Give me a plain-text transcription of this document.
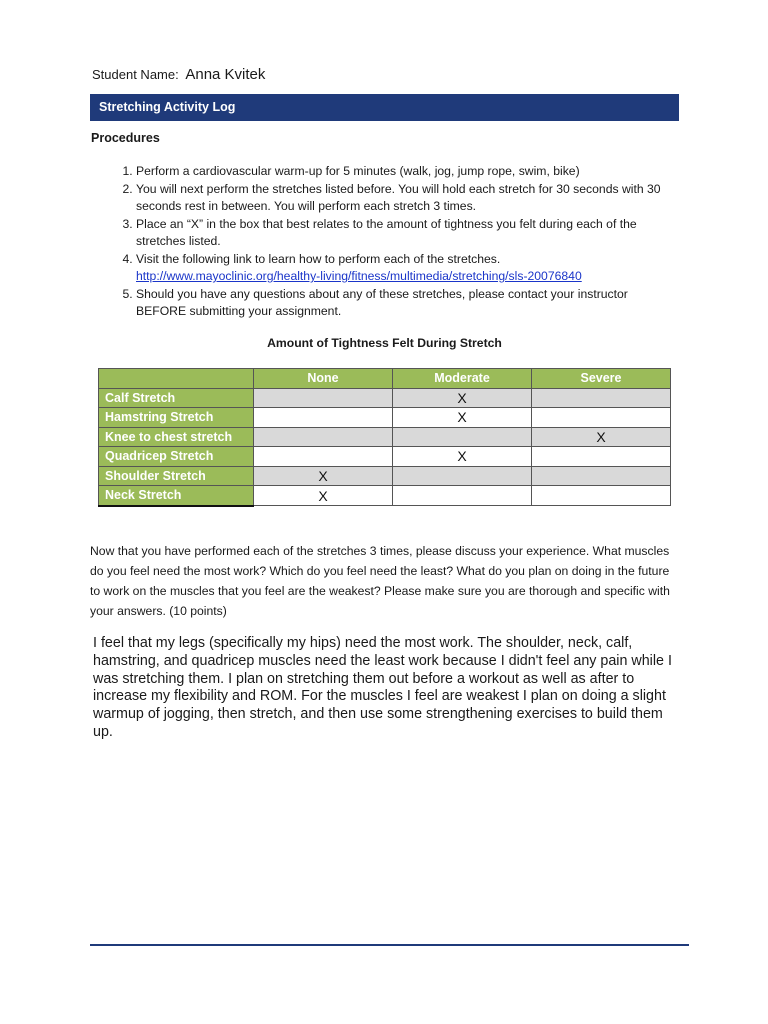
Student Name: Anna Kvitek
Stretching Activity Log
Procedures
1. Perform a cardiovascular warm-up for 5 minutes (walk, jog, jump rope, swim, bike)
2. You will next perform the stretches listed before. You will hold each stretch for 30 seconds with 30 seconds rest in between. You will perform each stretch 3 times.
3. Place an “X” in the box that best relates to the amount of tightness you felt during each of the stretches listed.
4. Visit the following link to learn how to perform each of the stretches.
http://www.mayoclinic.org/healthy-living/fitness/multimedia/stretching/sls-20076840
5. Should you have any questions about any of these stretches, please contact your instructor BEFORE submitting your assignment.
Amount of Tightness Felt During Stretch
	None	Moderate	Severe
Calf Stretch		X	
Hamstring Stretch		X	
Knee to chest stretch			X
Quadricep Stretch		X	
Shoulder Stretch	X		
Neck Stretch	X		
Now that you have performed each of the stretches 3 times, please discuss your experience. What muscles do you feel need the most work? Which do you feel need the least? What do you plan on doing in the future to work on the muscles that you feel are the weakest? Please make sure you are thorough and specific with your answers. (10 points)
I feel that my legs (specifically my hips) need the most work. The shoulder, neck, calf, hamstring, and quadricep muscles need the least work because I didn't feel any pain while I was stretching them. I plan on stretching them out before a workout as well as after to increase my flexibility and ROM. For the muscles I feel are weakest I plan on doing a slight warmup of jogging, then stretch, and then use some strengthening exercises to build them up.
